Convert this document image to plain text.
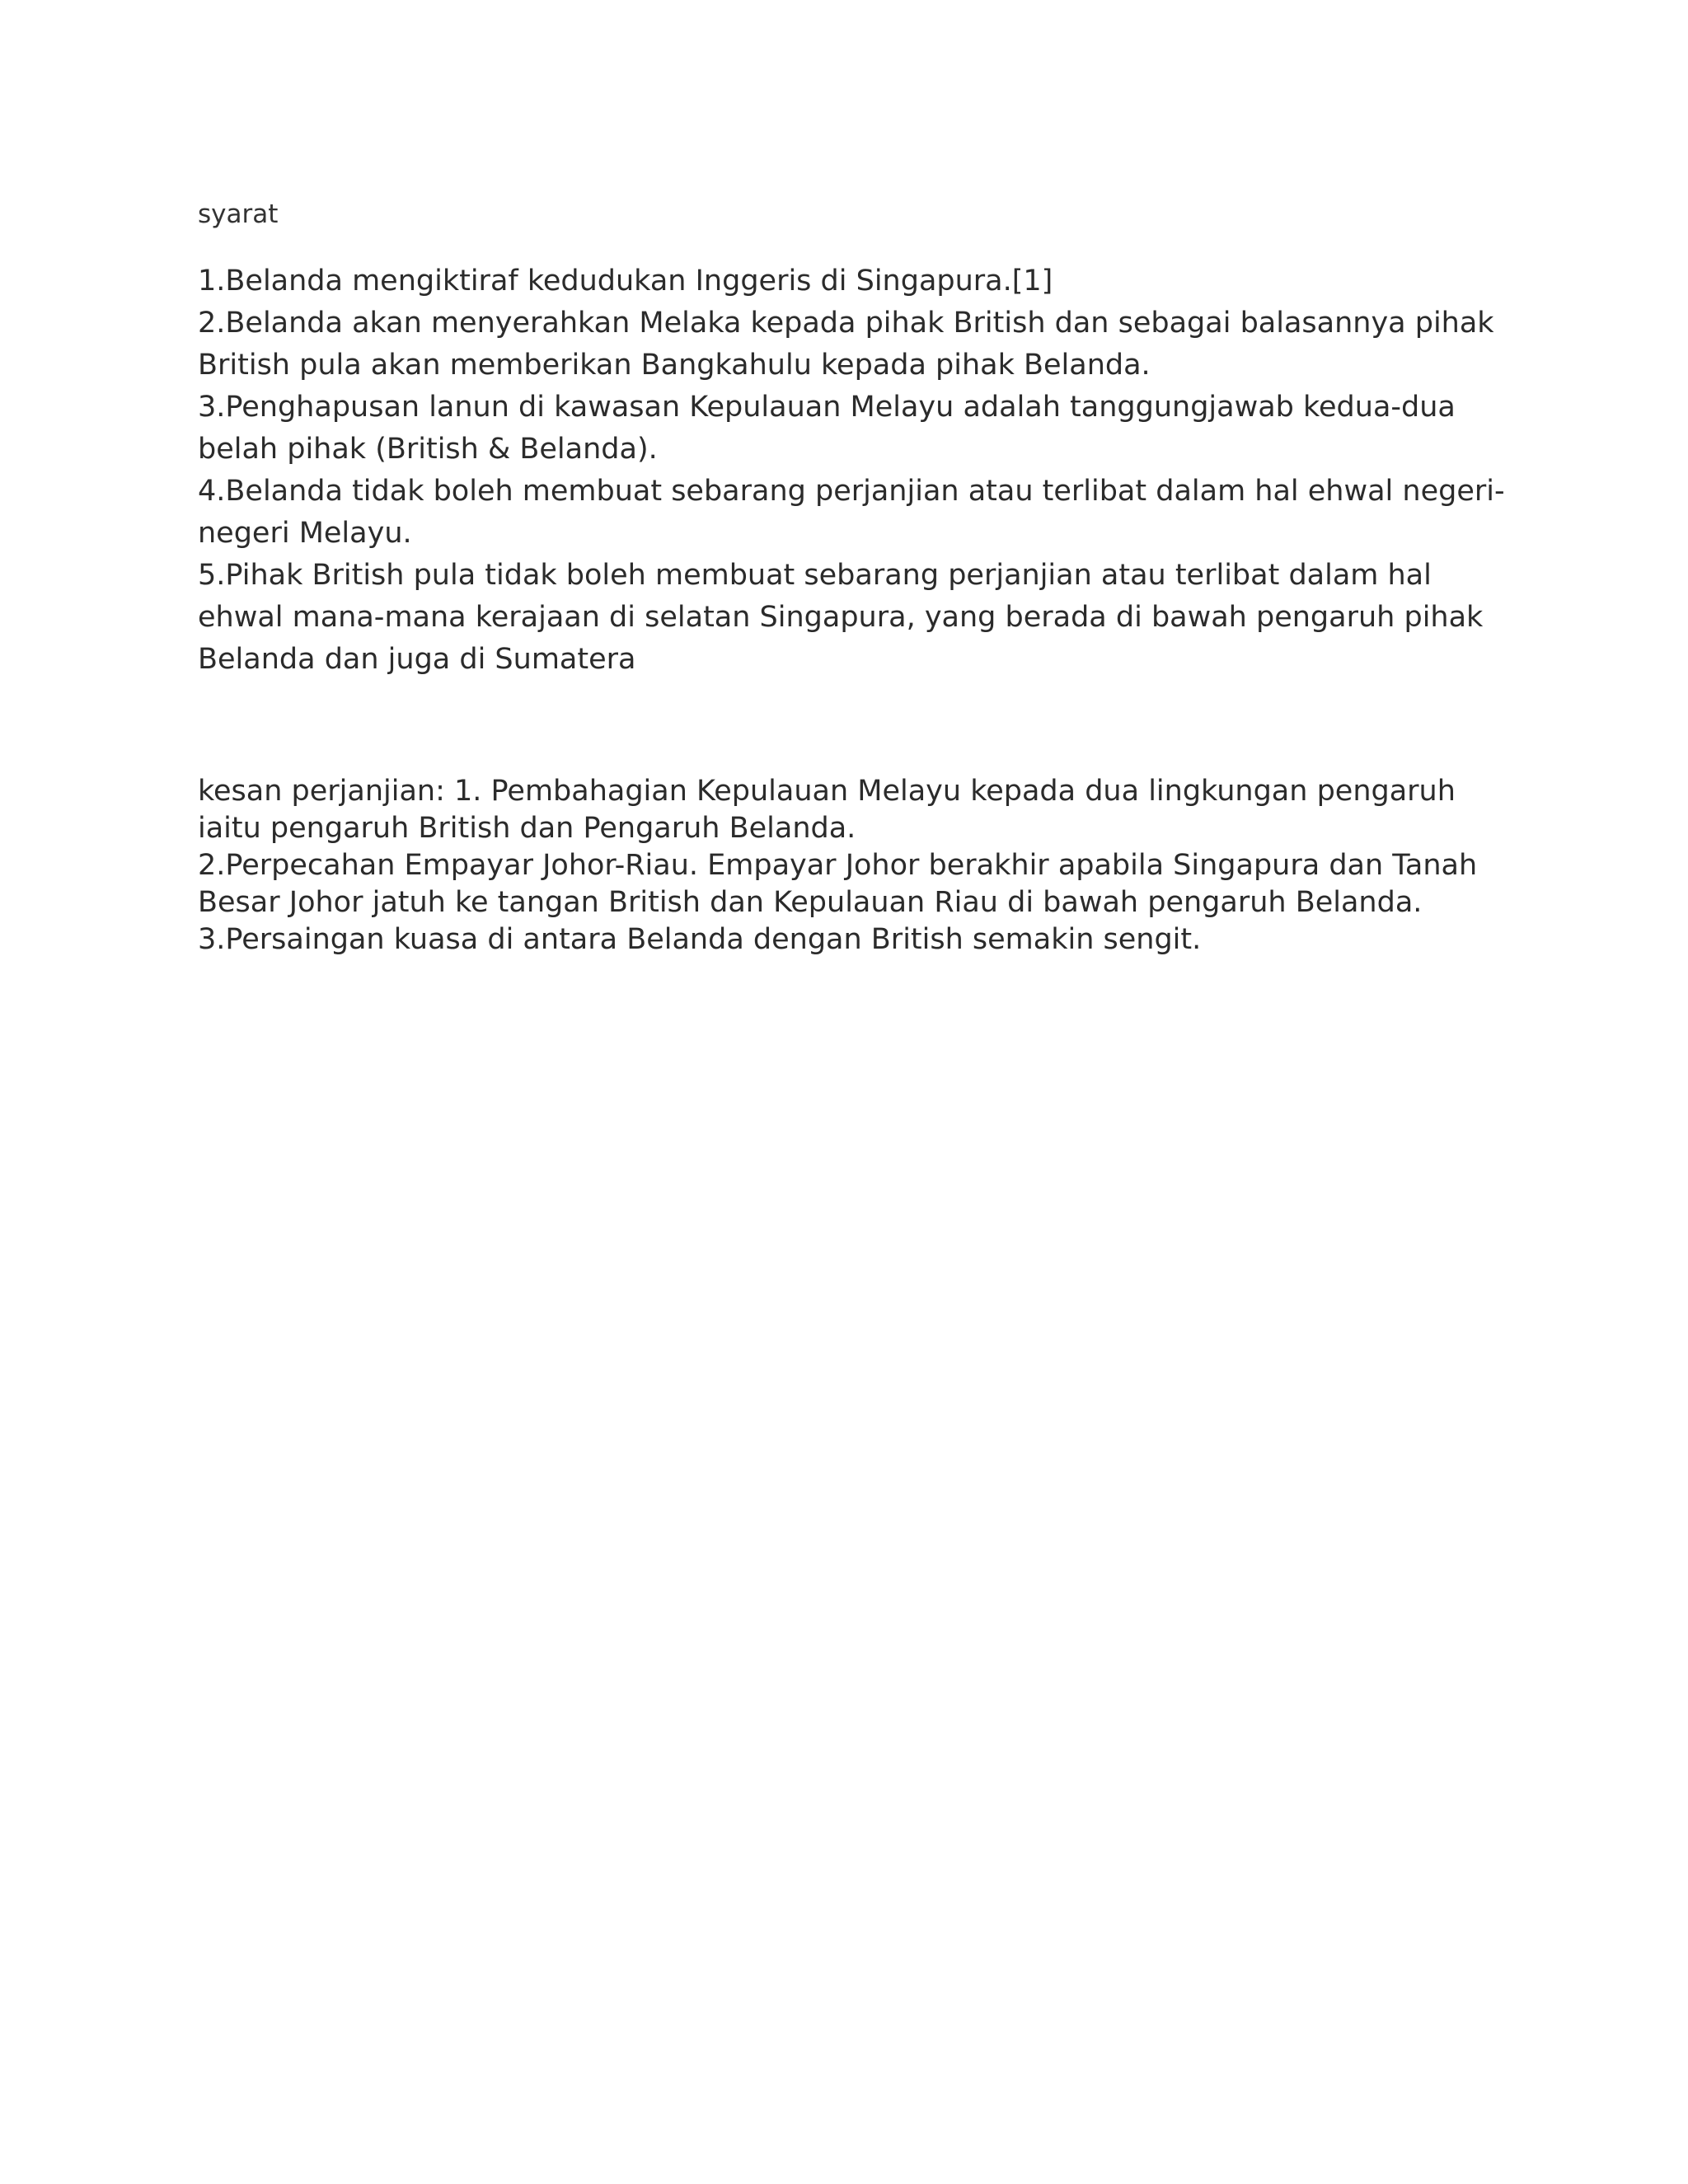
syarat

1.Belanda mengiktiraf kedudukan Inggeris di Singapura.[1]

2.Belanda akan menyerahkan Melaka kepada pihak British dan sebagai balasannya pihak British pula akan memberikan Bangkahulu kepada pihak Belanda.

3.Penghapusan lanun di kawasan Kepulauan Melayu adalah tanggungjawab kedua-dua belah pihak (British & Belanda).

4.Belanda tidak boleh membuat sebarang perjanjian atau terlibat dalam hal ehwal negeri-negeri Melayu.

5.Pihak British pula tidak boleh membuat sebarang perjanjian atau terlibat dalam hal ehwal mana-mana kerajaan di selatan Singapura, yang berada di bawah pengaruh pihak Belanda dan juga di Sumatera

kesan perjanjian: 1. Pembahagian Kepulauan Melayu kepada dua lingkungan pengaruh iaitu pengaruh British dan Pengaruh Belanda.

2.Perpecahan Empayar Johor-Riau. Empayar Johor berakhir apabila Singapura dan Tanah Besar Johor jatuh ke tangan British dan Kepulauan Riau di bawah pengaruh Belanda.

3.Persaingan kuasa di antara Belanda dengan British semakin sengit.
